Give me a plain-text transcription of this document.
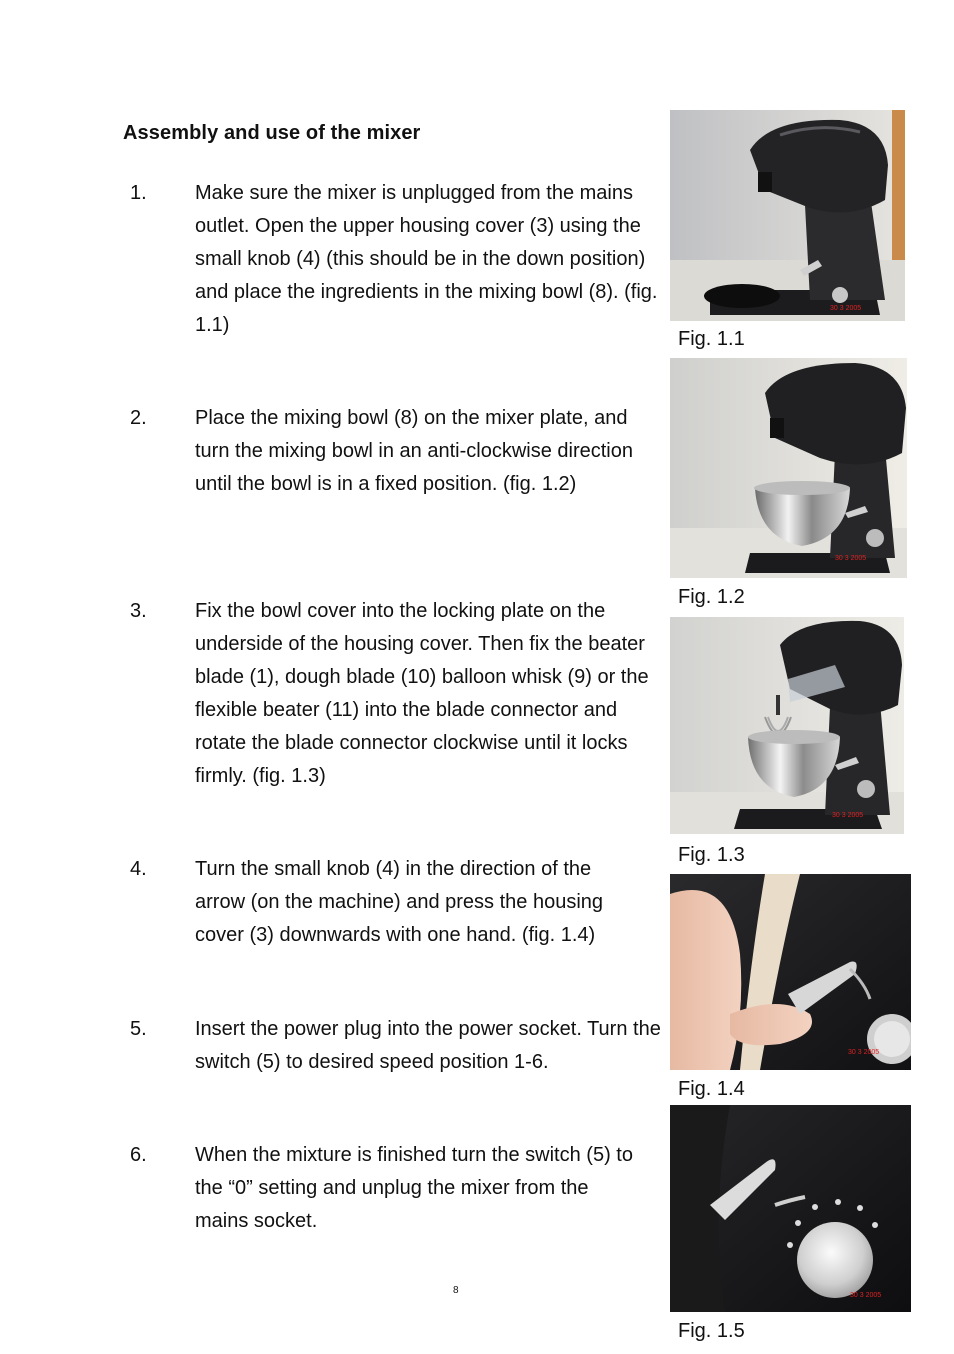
Assembly and use of the mixer
1.	Make sure the mixer is unplugged from the mains outlet. Open the upper housing cover (3) using the small knob (4) (this should be in the down position) and place the ingredients in the mixing bowl (8). (fig. 1.1)
2.	Place the mixing bowl (8) on the mixer plate, and turn the mixing bowl in an anti-clockwise direction until the bowl is in a fixed position. (fig. 1.2)
3.	Fix the bowl cover into the locking plate on the underside of the housing cover. Then fix the beater blade (1), dough blade (10) balloon whisk (9) or the flexible beater (11) into the blade connector and rotate the blade connector clockwise until it locks firmly. (fig. 1.3)
4.	Turn the small knob (4) in the direction of the arrow (on the machine) and press the housing cover (3) downwards with one hand. (fig. 1.4)
5.	Insert the power plug into the power socket. Turn the switch (5) to desired speed position 1-6.
6.	When the mixture is finished turn the switch (5) to the “0” setting and unplug the mixer from the mains socket.
30 3 2005
Fig. 1.1
30 3 2005
Fig. 1.2
30 3 2005
Fig. 1.3
30 3 2005
Fig. 1.4
30 3 2005
Fig. 1.5
8
